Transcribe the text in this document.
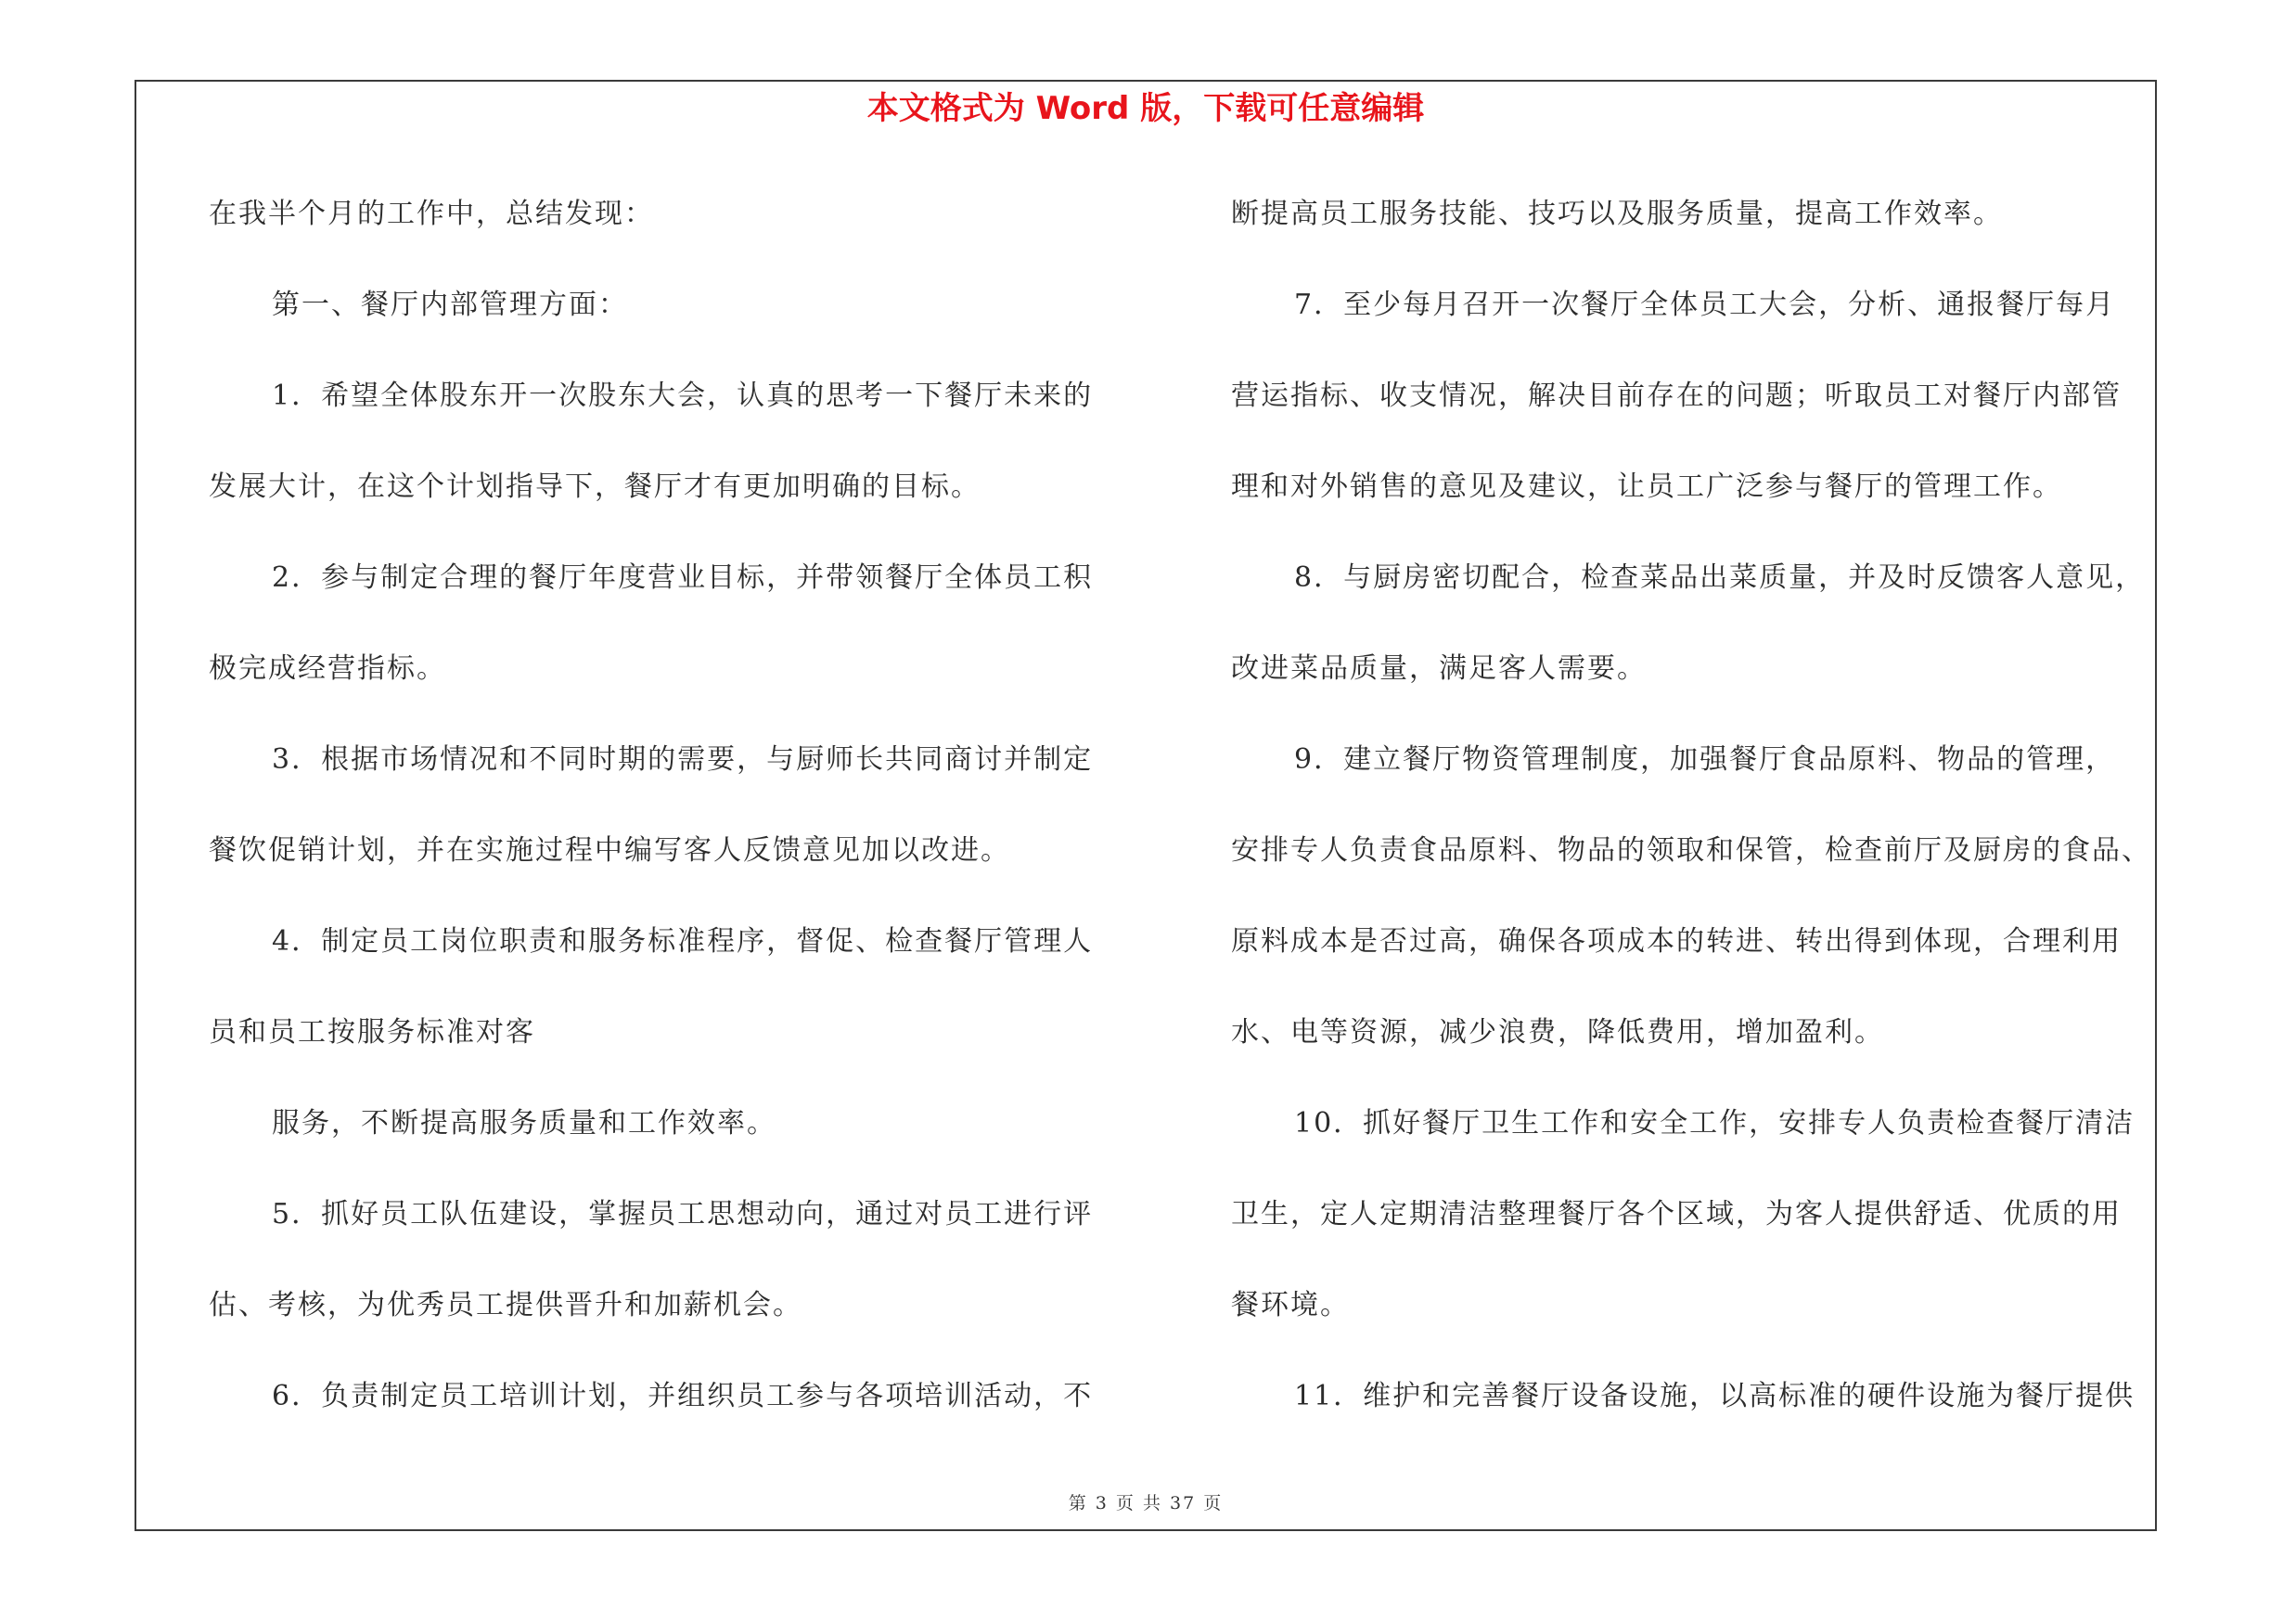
本文格式为 Word 版，下载可任意编辑
在我半个月的工作中，总结发现：
第一、餐厅内部管理方面：
1．希望全体股东开一次股东大会，认真的思考一下餐厅未来的
发展大计，在这个计划指导下，餐厅才有更加明确的目标。
2．参与制定合理的餐厅年度营业目标，并带领餐厅全体员工积
极完成经营指标。
3．根据市场情况和不同时期的需要，与厨师长共同商讨并制定
餐饮促销计划，并在实施过程中编写客人反馈意见加以改进。
4．制定员工岗位职责和服务标准程序，督促、检查餐厅管理人
员和员工按服务标准对客
服务，不断提高服务质量和工作效率。
5．抓好员工队伍建设，掌握员工思想动向，通过对员工进行评
估、考核，为优秀员工提供晋升和加薪机会。
6．负责制定员工培训计划，并组织员工参与各项培训活动，不
断提高员工服务技能、技巧以及服务质量，提高工作效率。
7．至少每月召开一次餐厅全体员工大会，分析、通报餐厅每月
营运指标、收支情况，解决目前存在的问题；听取员工对餐厅内部管
理和对外销售的意见及建议，让员工广泛参与餐厅的管理工作。
8．与厨房密切配合，检查菜品出菜质量，并及时反馈客人意见，
改进菜品质量，满足客人需要。
9．建立餐厅物资管理制度，加强餐厅食品原料、物品的管理，
安排专人负责食品原料、物品的领取和保管，检查前厅及厨房的食品、
原料成本是否过高，确保各项成本的转进、转出得到体现，合理利用
水、电等资源，减少浪费，降低费用，增加盈利。
10．抓好餐厅卫生工作和安全工作，安排专人负责检查餐厅清洁
卫生，定人定期清洁整理餐厅各个区域，为客人提供舒适、优质的用
餐环境。
11．维护和完善餐厅设备设施，以高标准的硬件设施为餐厅提供
第 3 页 共 37 页
